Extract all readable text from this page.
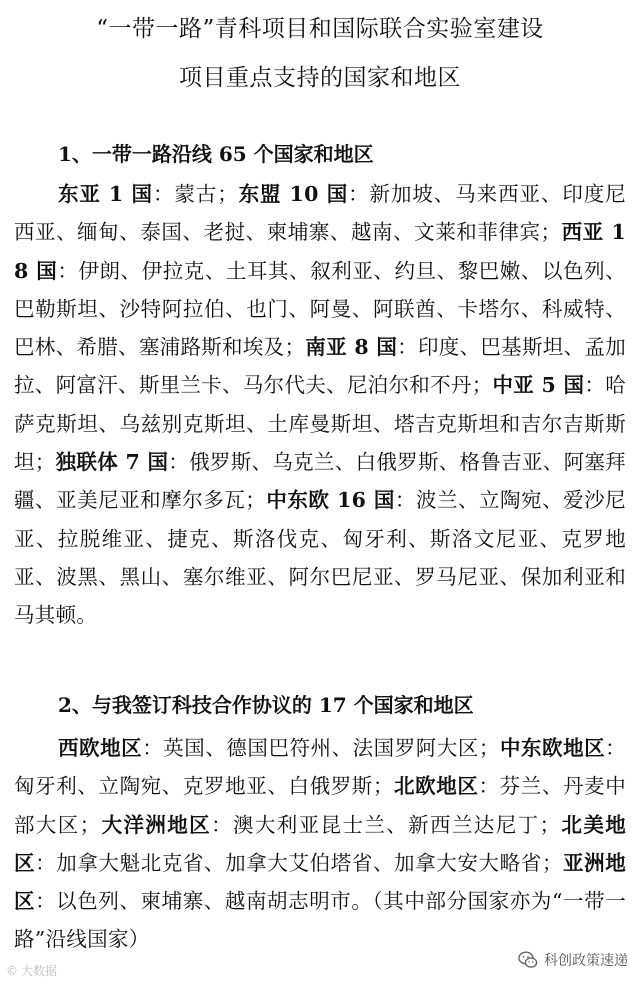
“一带一路”青科项目和国际联合实验室建设
项目重点支持的国家和地区
1、一带一路沿线 65 个国家和地区
东亚 1 国：蒙古；东盟 10 国：新加坡、马来西亚、印度尼西亚、缅甸、泰国、老挝、柬埔寨、越南、文莱和菲律宾；西亚 18 国：伊朗、伊拉克、土耳其、叙利亚、约旦、黎巴嫩、以色列、巴勒斯坦、沙特阿拉伯、也门、阿曼、阿联酋、卡塔尔、科威特、巴林、希腊、塞浦路斯和埃及；南亚 8 国：印度、巴基斯坦、孟加拉、阿富汗、斯里兰卡、马尔代夫、尼泊尔和不丹；中亚 5 国：哈萨克斯坦、乌兹别克斯坦、土库曼斯坦、塔吉克斯坦和吉尔吉斯斯坦；独联体 7 国：俄罗斯、乌克兰、白俄罗斯、格鲁吉亚、阿塞拜疆、亚美尼亚和摩尔多瓦；中东欧 16 国：波兰、立陶宛、爱沙尼亚、拉脱维亚、捷克、斯洛伐克、匈牙利、斯洛文尼亚、克罗地亚、波黑、黑山、塞尔维亚、阿尔巴尼亚、罗马尼亚、保加利亚和马其顿。
2、与我签订科技合作协议的 17 个国家和地区
西欧地区：英国、德国巴符州、法国罗阿大区；中东欧地区：匈牙利、立陶宛、克罗地亚、白俄罗斯；北欧地区：芬兰、丹麦中部大区；大洋洲地区：澳大利亚昆士兰、新西兰达尼丁；北美地区：加拿大魁北克省、加拿大艾伯塔省、加拿大安大略省；亚洲地区：以色列、柬埔寨、越南胡志明市。（其中部分国家亦为“一带一路”沿线国家）
© 大数据
科创政策速递
